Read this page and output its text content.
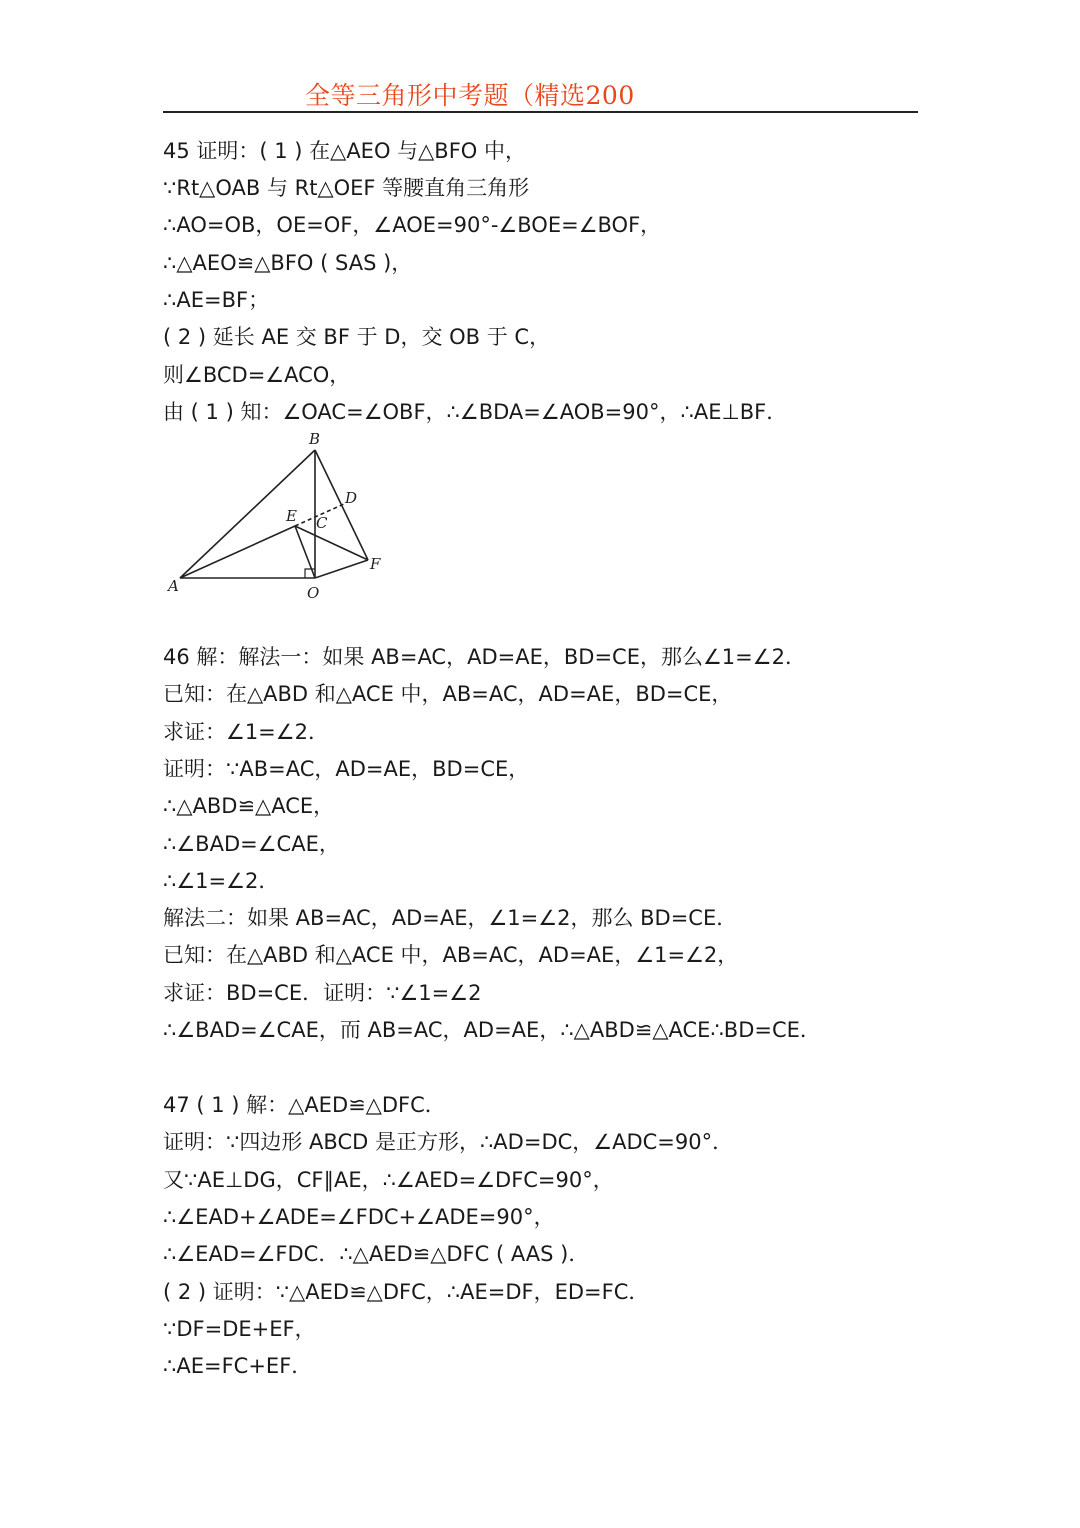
全等三角形中考题（精选200
45 证明：( 1 ) 在△AEO 与△BFO 中，
∵Rt△OAB 与 Rt△OEF 等腰直角三角形
∴AO=OB，OE=OF，∠AOE=90°-∠BOE=∠BOF，
∴△AEO≌△BFO ( SAS )，
∴AE=BF；
( 2 ) 延长 AE 交 BF 于 D，交 OB 于 C，
则∠BCD=∠ACO，
由 ( 1 ) 知：∠OAC=∠OBF，∴∠BDA=∠AOB=90°，∴AE⊥BF．
A
B
C
D
E
F
O
46 解：解法一：如果 AB=AC，AD=AE，BD=CE，那么∠1=∠2．
已知：在△ABD 和△ACE 中，AB=AC，AD=AE，BD=CE，
求证：∠1=∠2．
证明：∵AB=AC，AD=AE，BD=CE，
∴△ABD≌△ACE，
∴∠BAD=∠CAE，
∴∠1=∠2．
解法二：如果 AB=AC，AD=AE，∠1=∠2，那么 BD=CE．
已知：在△ABD 和△ACE 中，AB=AC，AD=AE，∠1=∠2，
求证：BD=CE．证明：∵∠1=∠2
∴∠BAD=∠CAE，而 AB=AC，AD=AE，∴△ABD≌△ACE∴BD=CE．
47 ( 1 ) 解：△AED≌△DFC．
证明：∵四边形 ABCD 是正方形，∴AD=DC，∠ADC=90°．
又∵AE⊥DG，CF∥AE，∴∠AED=∠DFC=90°，
∴∠EAD+∠ADE=∠FDC+∠ADE=90°，
∴∠EAD=∠FDC．∴△AED≌△DFC ( AAS )．
( 2 ) 证明：∵△AED≌△DFC，∴AE=DF，ED=FC．
∵DF=DE+EF，
∴AE=FC+EF．
